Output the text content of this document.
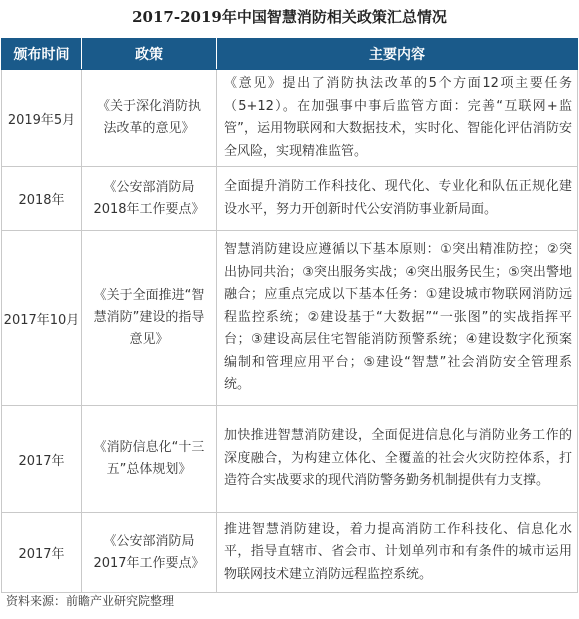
2017-2019年中国智慧消防相关政策汇总情况
颁布时间	政策	主要内容
2019年5月	《关于深化消防执法改革的意见》	《意见》提出了消防执法改革的5个方面12项主要任务（5+12）。在加强事中事后监管方面：完善“互联网+监管”，运用物联网和大数据技术，实时化、智能化评估消防安全风险，实现精准监管。
2018年	《公安部消防局2018年工作要点》	全面提升消防工作科技化、现代化、专业化和队伍正规化建设水平，努力开创新时代公安消防事业新局面。
2017年10月	《关于全面推进“智慧消防”建设的指导意见》	智慧消防建设应遵循以下基本原则：①突出精准防控；②突出协同共治；③突出服务实战；④突出服务民生；⑤突出警地融合；应重点完成以下基本任务：①建设城市物联网消防远程监控系统；②建设基于“大数据”“一张图”的实战指挥平台；③建设高层住宅智能消防预警系统；④建设数字化预案编制和管理应用平台；⑤建设“智慧”社会消防安全管理系统。
2017年	《消防信息化“十三五”总体规划》	加快推进智慧消防建设，全面促进信息化与消防业务工作的深度融合，为构建立体化、全覆盖的社会火灾防控体系，打造符合实战要求的现代消防警务勤务机制提供有力支撑。
2017年	《公安部消防局2017年工作要点》	推进智慧消防建设，着力提高消防工作科技化、信息化水平，指导直辖市、省会市、计划单列市和有条件的城市运用物联网技术建立消防远程监控系统。
资料来源：前瞻产业研究院整理
